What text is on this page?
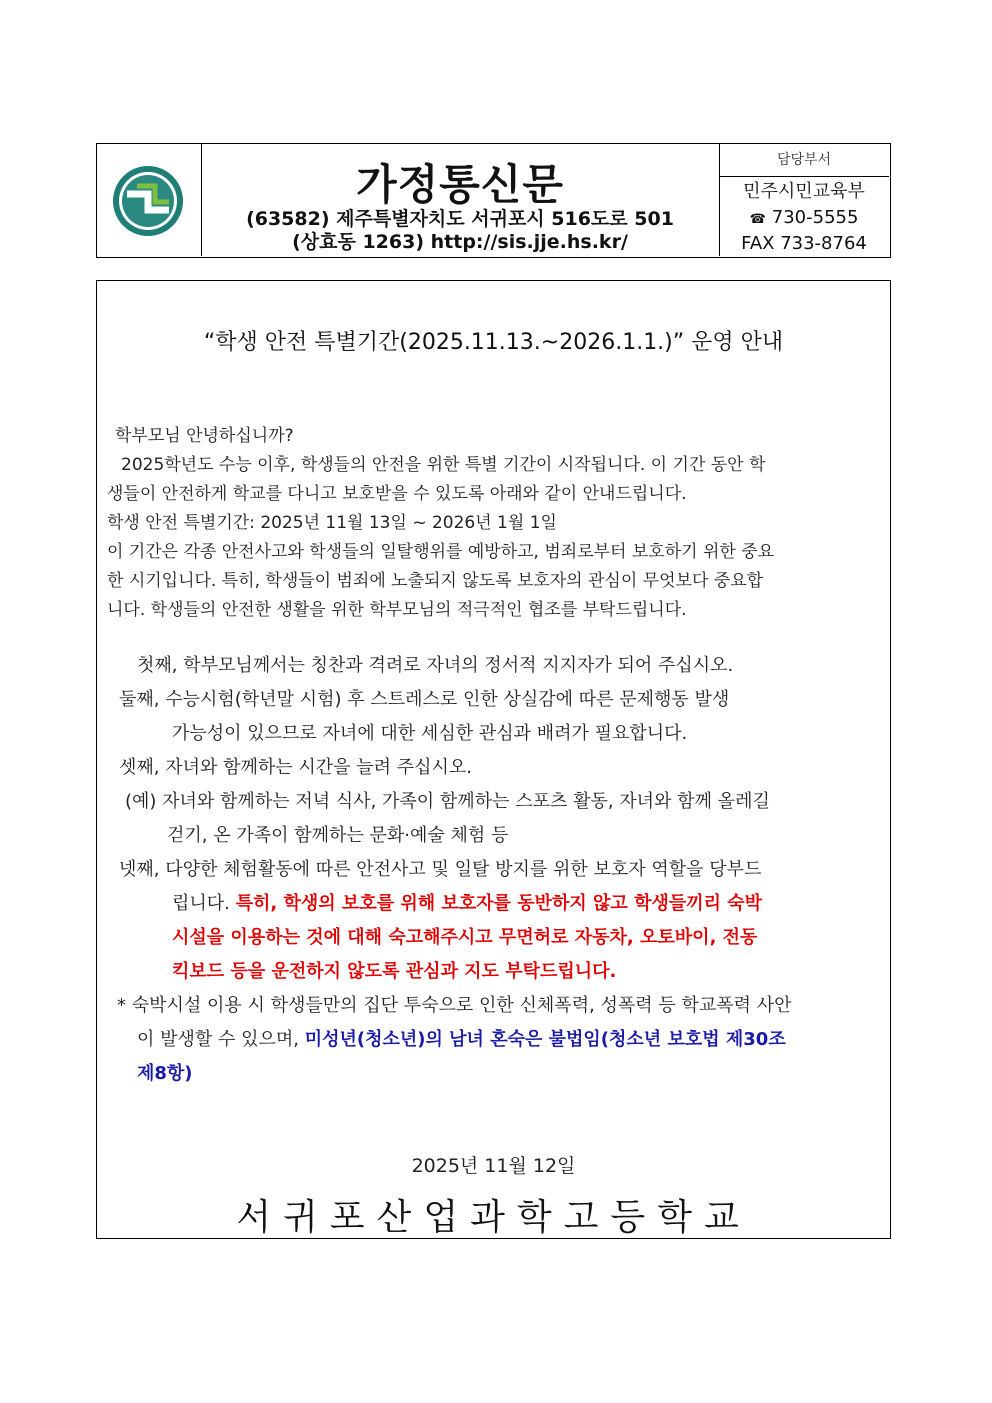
가정통신문
(63582) 제주특별자치도 서귀포시 516도로 501
(상효동 1263) http://sis.jje.hs.kr/
담당부서
민주시민교육부
☎ 730-5555
FAX 733-8764
“학생 안전 특별기간(2025.11.13.~2026.1.1.)” 운영 안내
학부모님 안녕하십니까?
2025학년도 수능 이후, 학생들의 안전을 위한 특별 기간이 시작됩니다. 이 기간 동안 학
생들이 안전하게 학교를 다니고 보호받을 수 있도록 아래와 같이 안내드립니다.
학생 안전 특별기간: 2025년 11월 13일 ~ 2026년 1월 1일
이 기간은 각종 안전사고와 학생들의 일탈행위를 예방하고, 범죄로부터 보호하기 위한 중요
한 시기입니다. 특히, 학생들이 범죄에 노출되지 않도록 보호자의 관심이 무엇보다 중요합
니다. 학생들의 안전한 생활을 위한 학부모님의 적극적인 협조를 부탁드립니다.
첫째, 학부모님께서는 칭찬과 격려로 자녀의 정서적 지지자가 되어 주십시오.
둘째, 수능시험(학년말 시험) 후 스트레스로 인한 상실감에 따른 문제행동 발생
가능성이 있으므로 자녀에 대한 세심한 관심과 배려가 필요합니다.
셋째, 자녀와 함께하는 시간을 늘려 주십시오.
(예) 자녀와 함께하는 저녁 식사, 가족이 함께하는 스포츠 활동, 자녀와 함께 올레길
걷기, 온 가족이 함께하는 문화·예술 체험 등
넷째, 다양한 체험활동에 따른 안전사고 및 일탈 방지를 위한 보호자 역할을 당부드
립니다. 특히, 학생의 보호를 위해 보호자를 동반하지 않고 학생들끼리 숙박
시설을 이용하는 것에 대해 숙고해주시고 무면허로 자동차, 오토바이, 전동
킥보드 등을 운전하지 않도록 관심과 지도 부탁드립니다.
* 숙박시설 이용 시 학생들만의 집단 투숙으로 인한 신체폭력, 성폭력 등 학교폭력 사안
이 발생할 수 있으며, 미성년(청소년)의 남녀 혼숙은 불법임(청소년 보호법 제30조
제8항)
2025년 11월 12일
서귀포산업과학고등학교
